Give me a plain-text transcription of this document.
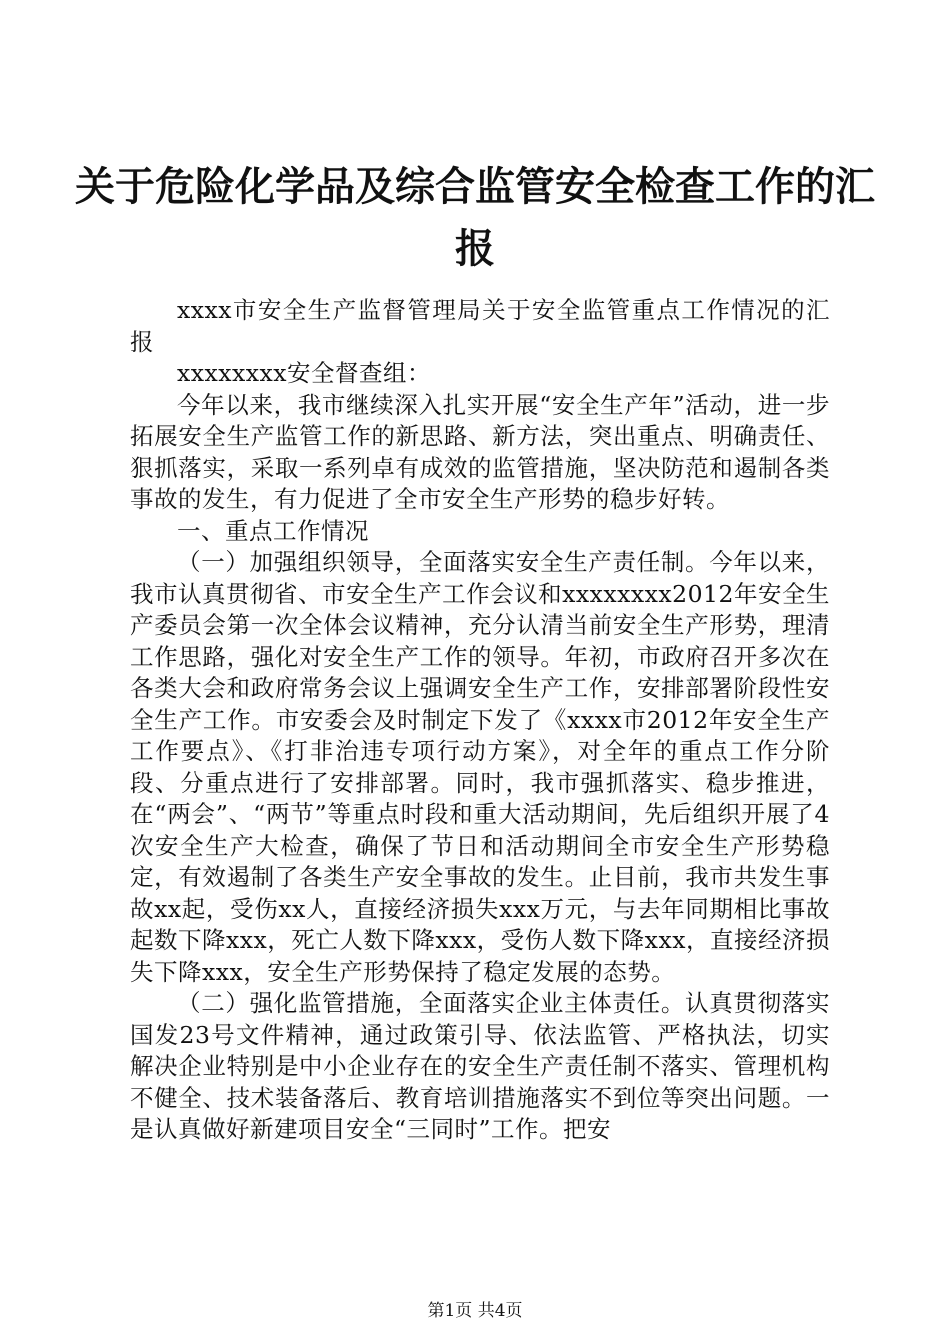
关于危险化学品及综合监管安全检查工作的汇报

xxxx市安全生产监督管理局关于安全监管重点工作情况的汇报

xxxxxxxx安全督查组：

今年以来，我市继续深入扎实开展“安全生产年”活动，进一步拓展安全生产监管工作的新思路、新方法，突出重点、明确责任、狠抓落实，采取一系列卓有成效的监管措施，坚决防范和遏制各类事故的发生，有力促进了全市安全生产形势的稳步好转。

一、重点工作情况

（一）加强组织领导，全面落实安全生产责任制。今年以来，我市认真贯彻省、市安全生产工作会议和xxxxxxxx2012年安全生产委员会第一次全体会议精神，充分认清当前安全生产形势，理清工作思路，强化对安全生产工作的领导。年初，市政府召开多次在各类大会和政府常务会议上强调安全生产工作，安排部署阶段性安全生产工作。市安委会及时制定下发了《xxxx市2012年安全生产工作要点》、《打非治违专项行动方案》，对全年的重点工作分阶段、分重点进行了安排部署。同时，我市强抓落实、稳步推进，在“两会”、“两节”等重点时段和重大活动期间，先后组织开展了4次安全生产大检查，确保了节日和活动期间全市安全生产形势稳定，有效遏制了各类生产安全事故的发生。止目前，我市共发生事故xx起，受伤xx人，直接经济损失xxx万元，与去年同期相比事故起数下降xxx，死亡人数下降xxx，受伤人数下降xxx，直接经济损失下降xxx，安全生产形势保持了稳定发展的态势。

（二）强化监管措施，全面落实企业主体责任。认真贯彻落实国发23号文件精神，通过政策引导、依法监管、严格执法，切实解决企业特别是中小企业存在的安全生产责任制不落实、管理机构不健全、技术装备落后、教育培训措施落实不到位等突出问题。一是认真做好新建项目安全“三同时”工作。把安

第1页 共4页
